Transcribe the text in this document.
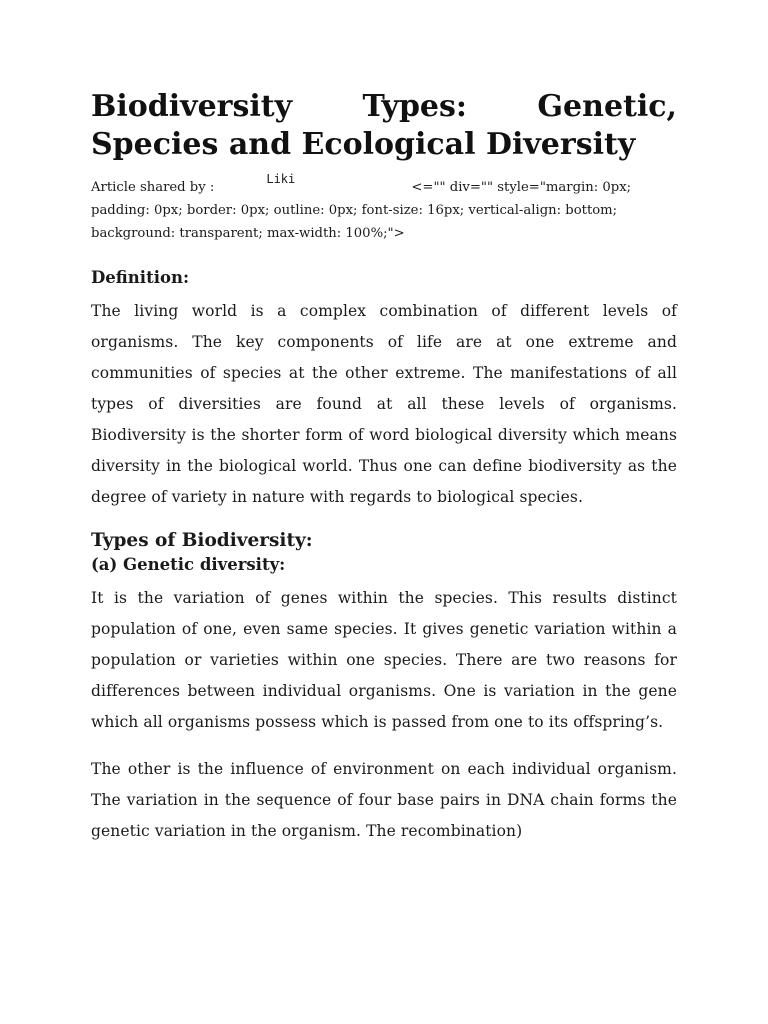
Biodiversity Types: Genetic,
Species and Ecological Diversity
Article shared by :Liki<="" div="" style="margin: 0px; padding: 0px; border: 0px; outline: 0px; font-size: 16px; vertical-align: bottom; background: transparent; max-width: 100%;">
Definition:

The living world is a complex combination of different levels of organisms. The key components of life are at one extreme and communities of species at the other extreme. The manifestations of all types of diversities are found at all these levels of organisms. Biodiversity is the shorter form of word biological diversity which means diversity in the biological world. Thus one can define biodiversity as the degree of variety in nature with regards to biological species.

Types of Biodiversity:
(a) Genetic diversity:

It is the variation of genes within the species. This results distinct population of one, even same species. It gives genetic variation within a population or varieties within one species. There are two reasons for differences between individual organisms. One is variation in the gene which all organisms possess which is passed from one to its offspring’s.

The other is the influence of environment on each individual organism. The variation in the sequence of four base pairs in DNA chain forms the genetic variation in the organism. The recombination)
